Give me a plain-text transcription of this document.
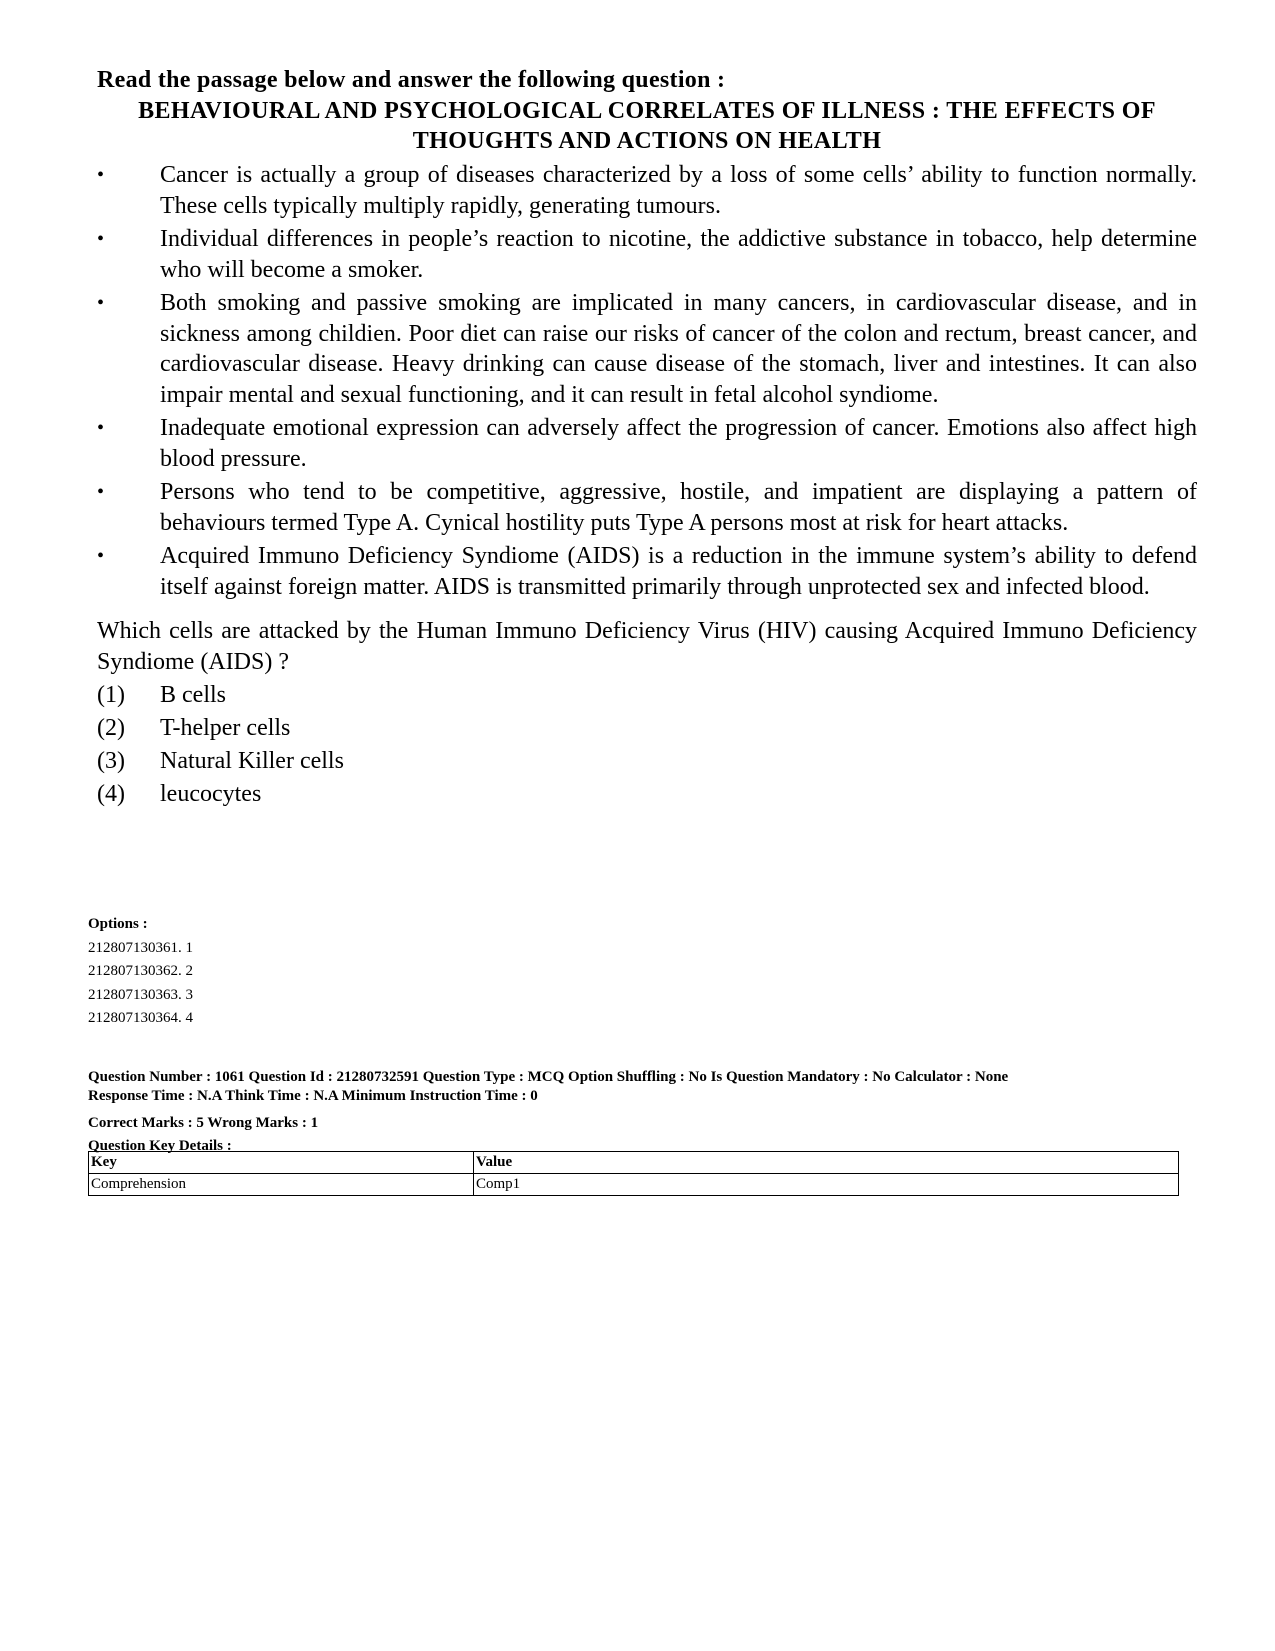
Read the passage below and answer the following question :
BEHAVIOURAL AND PSYCHOLOGICAL CORRELATES OF ILLNESS : THE EFFECTS OF
THOUGHTS AND ACTIONS ON HEALTH
•	Cancer is actually a group of diseases characterized by a loss of some cells’ ability to function normally. These cells typically multiply rapidly, generating tumours.
•	Individual differences in people’s reaction to nicotine, the addictive substance in tobacco, help determine who will become a smoker.
•	Both smoking and passive smoking are implicated in many cancers, in cardiovascular disease, and in sickness among childien. Poor diet can raise our risks of cancer of the colon and rectum, breast cancer, and cardiovascular disease. Heavy drinking can cause disease of the stomach, liver and intestines. It can also impair mental and sexual functioning, and it can result in fetal alcohol syndiome.
•	Inadequate emotional expression can adversely affect the progression of cancer. Emotions also affect high blood pressure.
•	Persons who tend to be competitive, aggressive, hostile, and impatient are displaying a pattern of behaviours termed Type A. Cynical hostility puts Type A persons most at risk for heart attacks.
•	Acquired Immuno Deficiency Syndiome (AIDS) is a reduction in the immune system’s ability to defend itself against foreign matter. AIDS is transmitted primarily through unprotected sex and infected blood.
Which cells are attacked by the Human Immuno Deficiency Virus (HIV) causing Acquired Immuno Deficiency Syndiome (AIDS) ?
(1) B cells
(2) T-helper cells
(3) Natural Killer cells
(4) leucocytes
Options :
212807130361. 1
212807130362. 2
212807130363. 3
212807130364. 4
Question Number : 1061 Question Id : 21280732591 Question Type : MCQ Option Shuffling : No Is Question Mandatory : No Calculator : None
Response Time : N.A Think Time : N.A Minimum Instruction Time : 0
Correct Marks : 5 Wrong Marks : 1
Question Key Details :
Key	Value
Comprehension	Comp1
